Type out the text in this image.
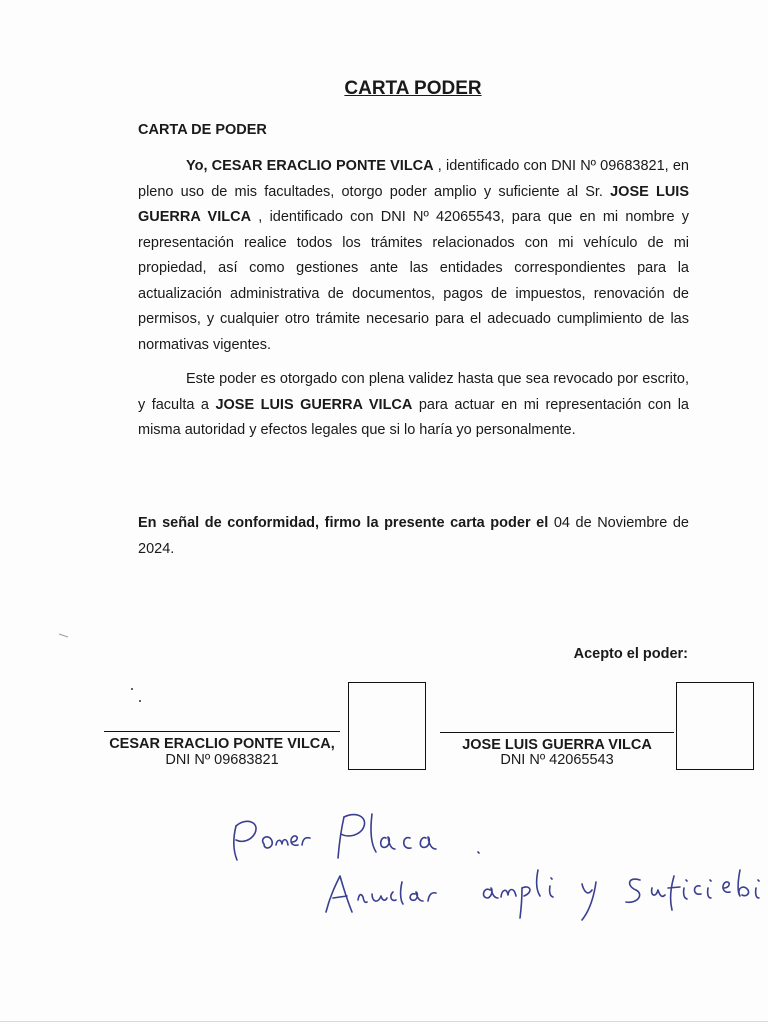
CARTA PODER
CARTA DE PODER

Yo, CESAR ERACLIO PONTE VILCA , identificado con DNI Nº 09683821, en pleno uso de mis facultades, otorgo poder amplio y suficiente al Sr. JOSE LUIS GUERRA VILCA , identificado con DNI Nº 42065543, para que en mi nombre y representación realice todos los trámites relacionados con mi vehículo de mi propiedad, así como gestiones ante las entidades correspondientes para la actualización administrativa de documentos, pagos de impuestos, renovación de permisos, y cualquier otro trámite necesario para el adecuado cumplimiento de las normativas vigentes.

Este poder es otorgado con plena validez hasta que sea revocado por escrito, y faculta a JOSE LUIS GUERRA VILCA para actuar en mi representación con la misma autoridad y efectos legales que si lo haría yo personalmente.

En señal de conformidad, firmo la presente carta poder el 04 de Noviembre de 2024.

Acepto el poder:
CESAR ERACLIO PONTE VILCA,
DNI Nº 09683821
JOSE LUIS GUERRA VILCA
DNI Nº 42065543
